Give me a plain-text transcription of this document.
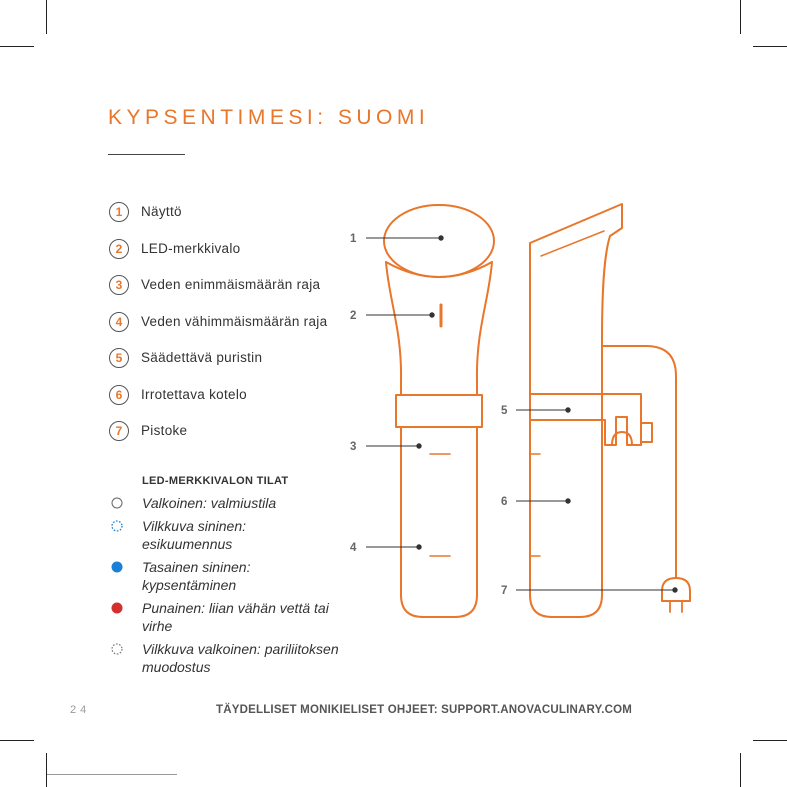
KYPSENTIMESI: SUOMI
1	Näyttö
2	LED-merkkivalo
3	Veden enimmäismäärän raja
4	Veden vähimmäismäärän raja
5	Säädettävä puristin
6	Irrotettava kotelo
7	Pistoke
LED-MERKKIVALON TILAT
Valkoinen: valmiustila
Vilkkuva sininen: esikuumennus
Tasainen sininen: kypsentäminen
Punainen: liian vähän vettä tai virhe
Vilkkuva valkoinen: pariliitoksen muodostus
1
2
3
4
5
6
7
24	TÄYDELLISET MONIKIELISET OHJEET: SUPPORT.ANOVACULINARY.COM
